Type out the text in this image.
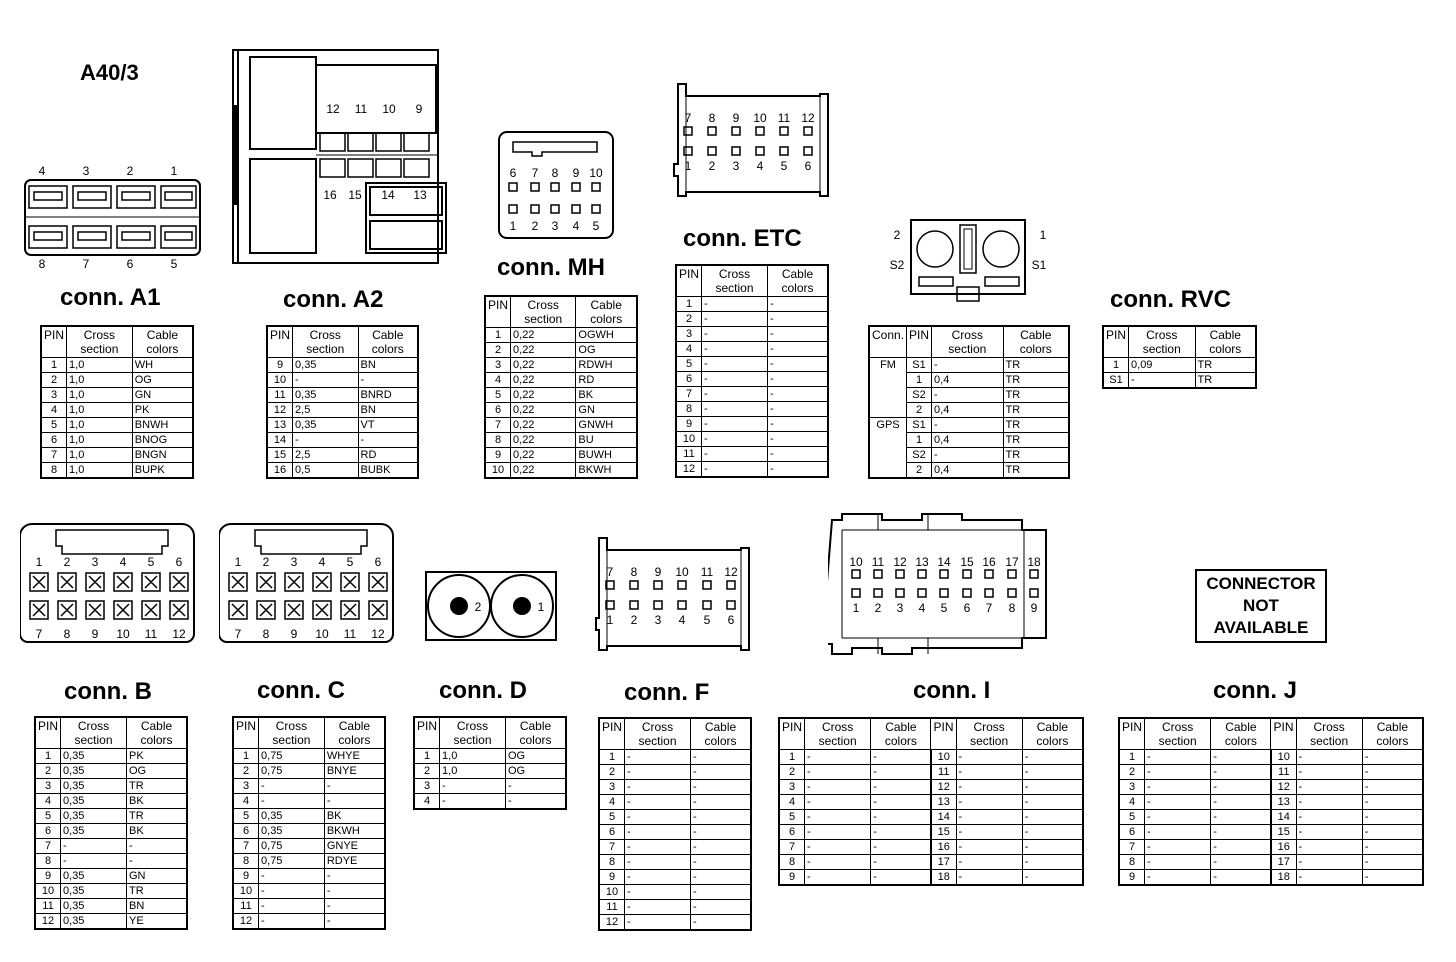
A40/3
conn. A1	conn. A2
conn. MH
conn. ETC
conn. RVC
conn. B	conn. C	conn. D	conn. F	conn. I	conn. J
CONNECTOR NOT AVAILABLE
PIN	Cross section	Cable colors
1	1,0	WH
2	1,0	OG
3	1,0	GN
4	1,0	PK
5	1,0	BNWH
6	1,0	BNOG
7	1,0	BNGN
8	1,0	BUPK
PIN	Cross section	Cable colors
9	0,35	BN
10	-	-
11	0,35	BNRD
12	2,5	BN
13	0,35	VT
14	-	-
15	2,5	RD
16	0,5	BUBK
PIN	Cross section	Cable colors
1	0,22	OGWH
2	0,22	OG
3	0,22	RDWH
4	0,22	RD
5	0,22	BK
6	0,22	GN
7	0,22	GNWH
8	0,22	BU
9	0,22	BUWH
10	0,22	BKWH
PIN	Cross section	Cable colors
1	-	-
2	-	-
3	-	-
4	-	-
5	-	-
6	-	-
7	-	-
8	-	-
9	-	-
10	-	-
11	-	-
12	-	-
Conn.	PIN	Cross section	Cable colors
FM	S1	-	TR
	1	0,4	TR
	S2	-	TR
	2	0,4	TR
GPS	S1	-	TR
	1	0,4	TR
	S2	-	TR
	2	0,4	TR
PIN	Cross section	Cable colors
1	0,09	TR
S1	-	TR
PIN	Cross section	Cable colors
1	0,35	PK
2	0,35	OG
3	0,35	TR
4	0,35	BK
5	0,35	TR
6	0,35	BK
7	-	-
8	-	-
9	0,35	GN
10	0,35	TR
11	0,35	BN
12	0,35	YE
PIN	Cross section	Cable colors
1	0,75	WHYE
2	0,75	BNYE
3	-	-
4	-	-
5	0,35	BK
6	0,35	BKWH
7	0,75	GNYE
8	0,75	RDYE
9	-	-
10	-	-
11	-	-
12	-	-
PIN	Cross section	Cable colors
1	1,0	OG
2	1,0	OG
3	-	-
4	-	-
PIN	Cross section	Cable colors
1	-	-
2	-	-
3	-	-
4	-	-
5	-	-
6	-	-
7	-	-
8	-	-
9	-	-
10	-	-
11	-	-
12	-	-
PIN	Cross section	Cable colors	PIN	Cross section	Cable colors
1	-	-	10	-	-
2	-	-	11	-	-
3	-	-	12	-	-
4	-	-	13	-	-
5	-	-	14	-	-
6	-	-	15	-	-
7	-	-	16	-	-
8	-	-	17	-	-
9	-	-	18	-	-
PIN	Cross section	Cable colors	PIN	Cross section	Cable colors
1	-	-	10	-	-
2	-	-	11	-	-
3	-	-	12	-	-
4	-	-	13	-	-
5	-	-	14	-	-
6	-	-	15	-	-
7	-	-	16	-	-
8	-	-	17	-	-
9	-	-	18	-	-
4	3	2	1
8	7	6	5
12 11 10 9
16 15 14 13
6 7 8 9 10
1 2 3 4 5
7 8 9 10 11 12
1 2 3 4 5 6
2	1
S2	S1
1 2 3 4 5 6
7 8 9 10 11 12
1 2 3 4 5 6
7 8 9 10 11 12
2	1
7 8 9 10 11 12
1 2 3 4 5 6
10 11 12 13 14 15 16 17 18
1 2 3 4 5 6 7 8 9
